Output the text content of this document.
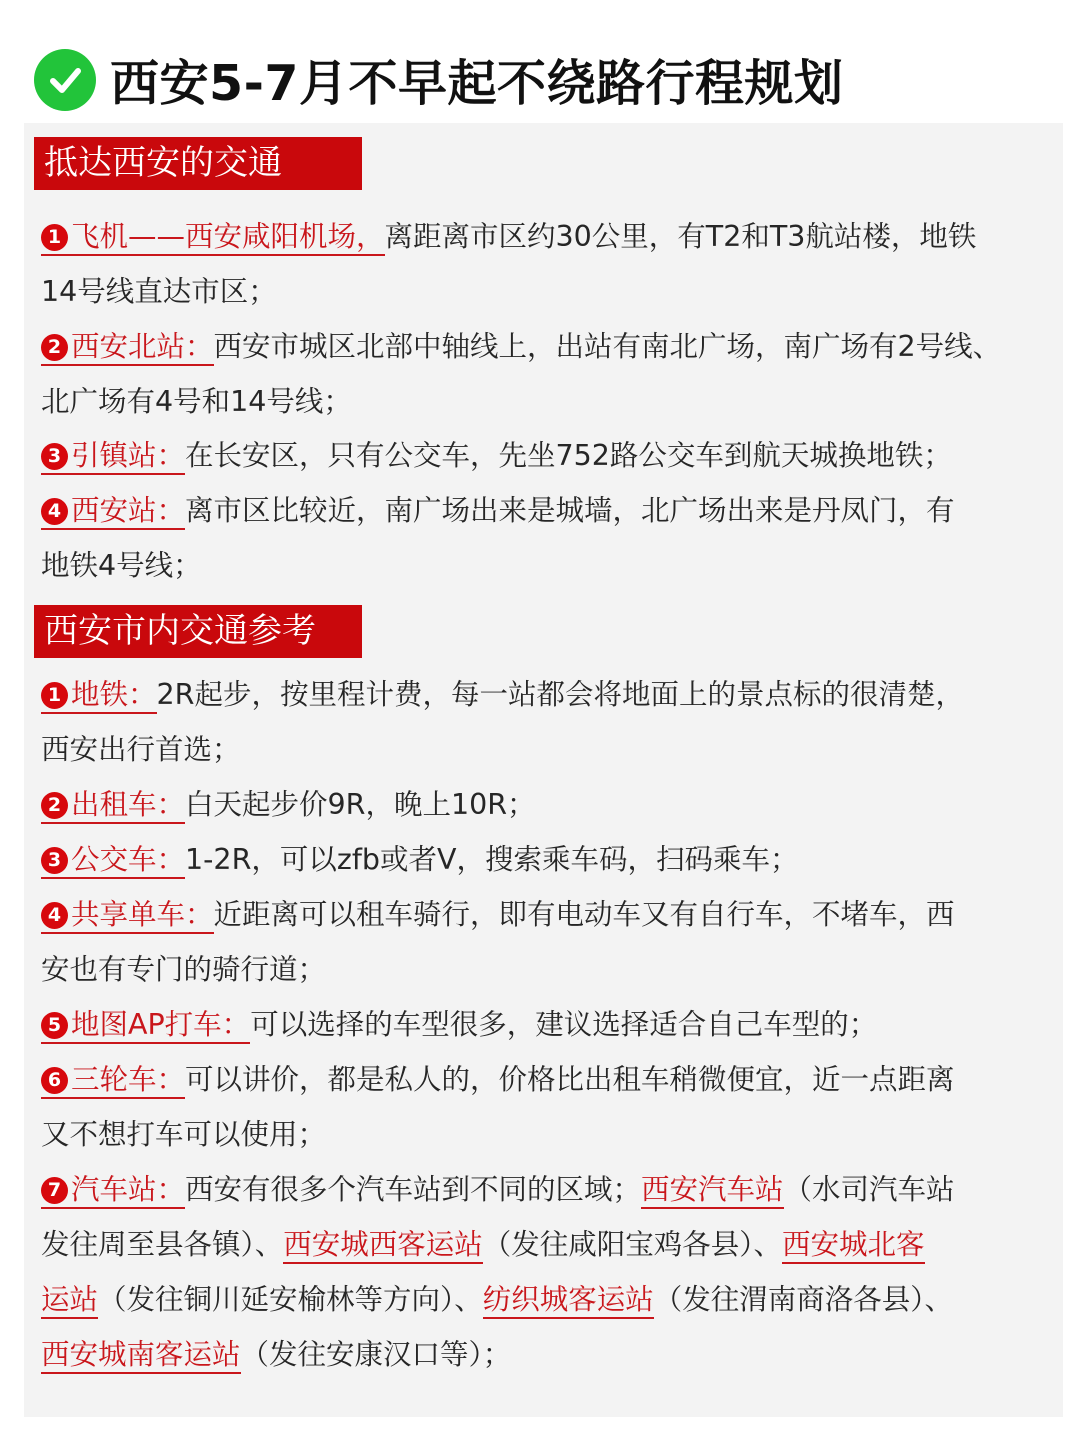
西安5-7月不早起不绕路行程规划
抵达西安的交通
1 飞机——西安咸阳机场，离距离市区约30公里，有T2和T3航站楼，地铁
14号线直达市区；
2 西安北站：西安市城区北部中轴线上，出站有南北广场，南广场有2号线、
北广场有4号和14号线；
3 引镇站：在长安区，只有公交车，先坐752路公交车到航天城换地铁；
4 西安站：离市区比较近，南广场出来是城墙，北广场出来是丹凤门，有
地铁4号线；
西安市内交通参考
1 地铁：2R起步，按里程计费，每一站都会将地面上的景点标的很清楚，
西安出行首选；
2 出租车：白天起步价9R，晚上10R；
3 公交车：1-2R，可以zfb或者V，搜索乘车码，扫码乘车；
4 共享单车：近距离可以租车骑行，即有电动车又有自行车，不堵车，西
安也有专门的骑行道；
5 地图AP打车：可以选择的车型很多，建议选择适合自己车型的；
6 三轮车：可以讲价，都是私人的，价格比出租车稍微便宜，近一点距离
又不想打车可以使用；
7 汽车站：西安有很多个汽车站到不同的区域；西安汽车站（水司汽车站
发往周至县各镇）、西安城西客运站（发往咸阳宝鸡各县）、西安城北客
运站（发往铜川延安榆林等方向）、纺织城客运站（发往渭南商洛各县）、
西安城南客运站（发往安康汉口等）；
